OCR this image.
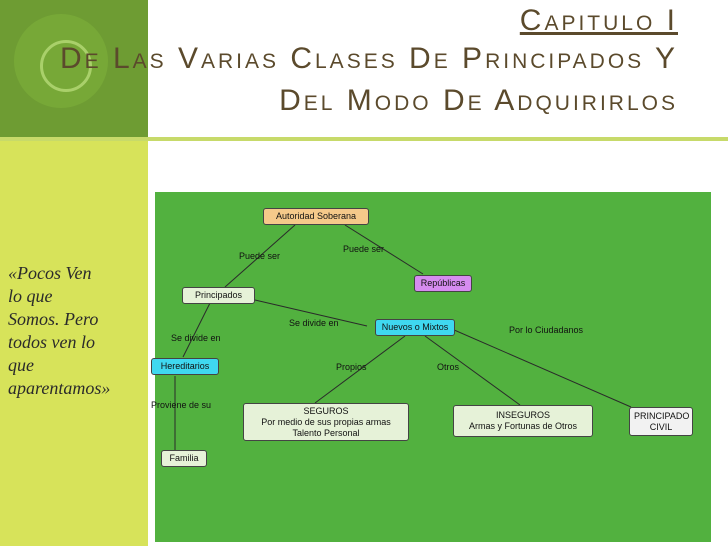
Capitulo I
De Las Varias Clases De Principados Y
Del Modo De Adquirirlos
«Pocos Ven
lo que
Somos. Pero
todos ven lo
que
aparentamos»
Autoridad Soberana
Repúblicas
Principados
Nuevos o Mixtos
Hereditarios
SEGUROS
Por medio de sus propias armas
Talento Personal
INSEGUROS
Armas y Fortunas de Otros
PRINCIPADO
CIVIL
Familia
Puede ser
Puede ser
Se divide en
Se divide en
Por lo Ciudadanos
Propios	Otros
Proviene de su
